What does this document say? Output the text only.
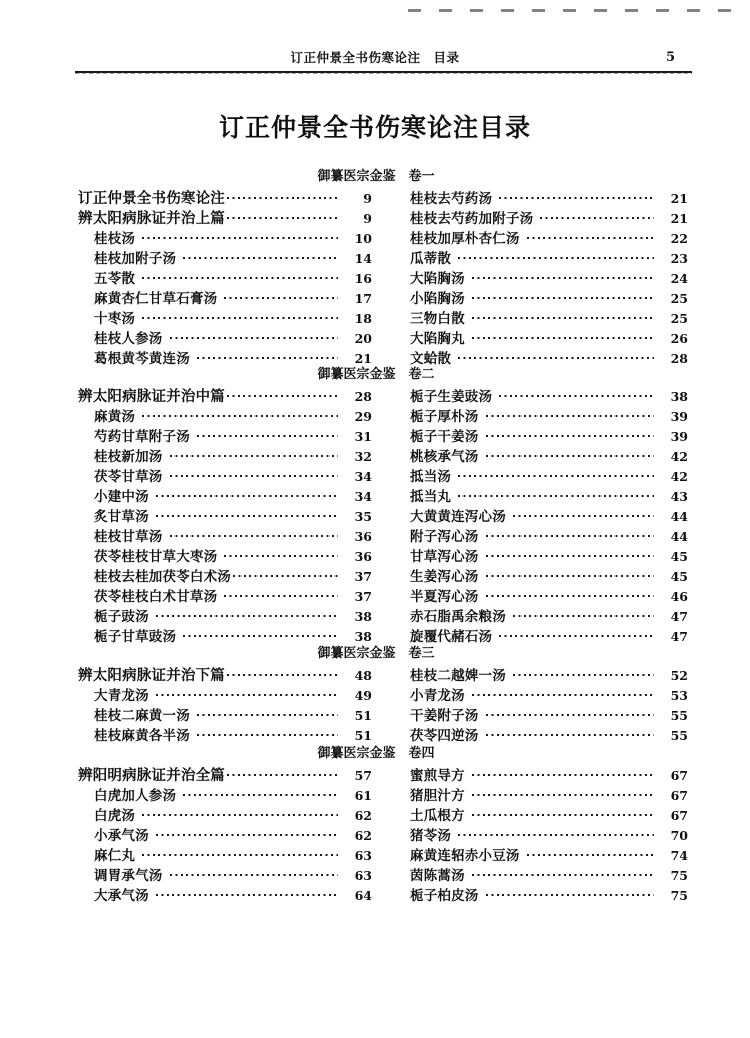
订正仲景全书伤寒论注　目录	5
订正仲景全书伤寒论注目录
御纂医宗金鉴　卷一
订正仲景全书伤寒论注	9
辨太阳病脉证并治上篇	9
桂枝汤	10
桂枝加附子汤	14
五苓散	16
麻黄杏仁甘草石膏汤	17
十枣汤	18
桂枝人参汤	20
葛根黄芩黄连汤	21
桂枝去芍药汤	21
桂枝去芍药加附子汤	21
桂枝加厚朴杏仁汤	22
瓜蒂散	23
大陷胸汤	24
小陷胸汤	25
三物白散	25
大陷胸丸	26
文蛤散	28
御纂医宗金鉴　卷二
辨太阳病脉证并治中篇	28
麻黄汤	29
芍药甘草附子汤	31
桂枝新加汤	32
茯苓甘草汤	34
小建中汤	34
炙甘草汤	35
桂枝甘草汤	36
茯苓桂枝甘草大枣汤	36
桂枝去桂加茯苓白术汤	37
茯苓桂枝白术甘草汤	37
栀子豉汤	38
栀子甘草豉汤	38
栀子生姜豉汤	38
栀子厚朴汤	39
栀子干姜汤	39
桃核承气汤	42
抵当汤	42
抵当丸	43
大黄黄连泻心汤	44
附子泻心汤	44
甘草泻心汤	45
生姜泻心汤	45
半夏泻心汤	46
赤石脂禹余粮汤	47
旋覆代赭石汤	47
御纂医宗金鉴　卷三
辨太阳病脉证并治下篇	48
大青龙汤	49
桂枝二麻黄一汤	51
桂枝麻黄各半汤	51
桂枝二越婢一汤	52
小青龙汤	53
干姜附子汤	55
茯苓四逆汤	55
御纂医宗金鉴　卷四
辨阳明病脉证并治全篇	57
白虎加人参汤	61
白虎汤	62
小承气汤	62
麻仁丸	63
调胃承气汤	63
大承气汤	64
蜜煎导方	67
猪胆汁方	67
土瓜根方	67
猪苓汤	70
麻黄连轺赤小豆汤	74
茵陈蒿汤	75
栀子柏皮汤	75
